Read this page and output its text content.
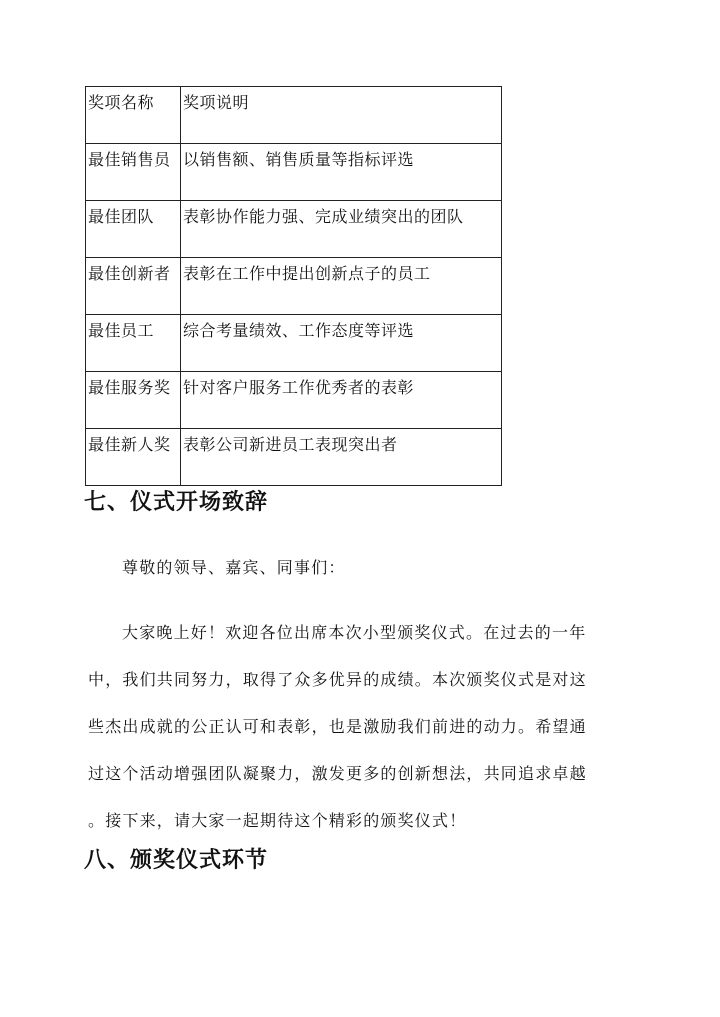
奖项名称	奖项说明

最佳销售员	以销售额、销售质量等指标评选

最佳团队	表彰协作能力强、完成业绩突出的团队

最佳创新者	表彰在工作中提出创新点子的员工

最佳员工	综合考量绩效、工作态度等评选

最佳服务奖	针对客户服务工作优秀者的表彰

最佳新人奖	表彰公司新进员工表现突出者
七、仪式开场致辞
尊敬的领导、嘉宾、同事们：
大家晚上好！欢迎各位出席本次小型颁奖仪式。在过去的一年
中，我们共同努力，取得了众多优异的成绩。本次颁奖仪式是对这
些杰出成就的公正认可和表彰，也是激励我们前进的动力。希望通
过这个活动增强团队凝聚力，激发更多的创新想法，共同追求卓越
。接下来，请大家一起期待这个精彩的颁奖仪式！
八、颁奖仪式环节
